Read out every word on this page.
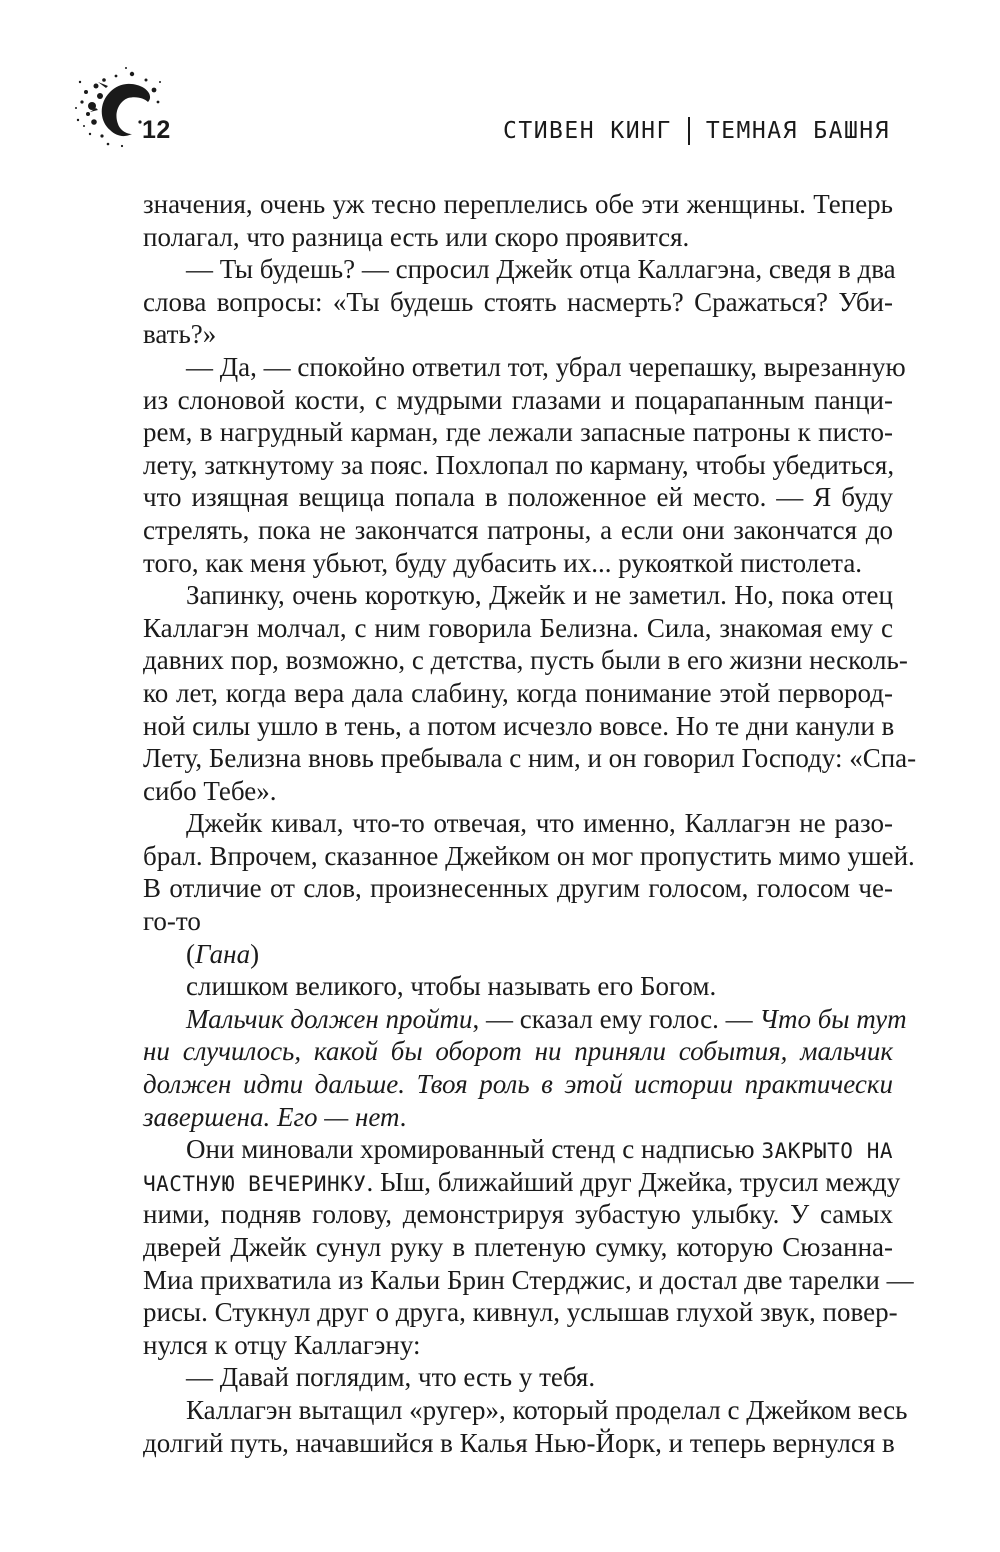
12	СТИВЕН КИНГ ТЕМНАЯ БАШНЯ
значения, очень уж тесно переплелись обе эти женщины. Теперь
полагал, что разница есть или скоро проявится.
— Ты будешь? — спросил Джейк отца Каллагэна, сведя в два
слова вопросы: «Ты будешь стоять насмерть? Сражаться? Уби-
вать?»
— Да, — спокойно ответил тот, убрал черепашку, вырезанную
из слоновой кости, с мудрыми глазами и поцарапанным панци-
рем, в нагрудный карман, где лежали запасные патроны к писто-
лету, заткнутому за пояс. Похлопал по карману, чтобы убедиться,
что изящная вещица попала в положенное ей место. — Я буду
стрелять, пока не закончатся патроны, а если они закончатся до
того, как меня убьют, буду дубасить их... рукояткой пистолета.
Запинку, очень короткую, Джейк и не заметил. Но, пока отец
Каллагэн молчал, с ним говорила Белизна. Сила, знакомая ему с
давних пор, возможно, с детства, пусть были в его жизни несколь-
ко лет, когда вера дала слабину, когда понимание этой первород-
ной силы ушло в тень, а потом исчезло вовсе. Но те дни канули в
Лету, Белизна вновь пребывала с ним, и он говорил Господу: «Спа-
сибо Тебе».
Джейк кивал, что-то отвечая, что именно, Каллагэн не разо-
брал. Впрочем, сказанное Джейком он мог пропустить мимо ушей.
В отличие от слов, произнесенных другим голосом, голосом че-
го-то
(Гана)
слишком великого, чтобы называть его Богом.
Мальчик должен пройти, — сказал ему голос. — Что бы тут
ни случилось, какой бы оборот ни приняли события, мальчик
должен идти дальше. Твоя роль в этой истории практически
завершена. Его — нет.
Они миновали хромированный стенд с надписью ЗАКРЫТО НА
ЧАСТНУЮ ВЕЧЕРИНКУ. Ыш, ближайший друг Джейка, трусил между
ними, подняв голову, демонстрируя зубастую улыбку. У самых
дверей Джейк сунул руку в плетеную сумку, которую Сюзанна-
Миа прихватила из Кальи Брин Стерджис, и достал две тарелки —
рисы. Стукнул друг о друга, кивнул, услышав глухой звук, повер-
нулся к отцу Каллагэну:
— Давай поглядим, что есть у тебя.
Каллагэн вытащил «ругер», который проделал с Джейком весь
долгий путь, начавшийся в Калья Нью-Йорк, и теперь вернулся в
